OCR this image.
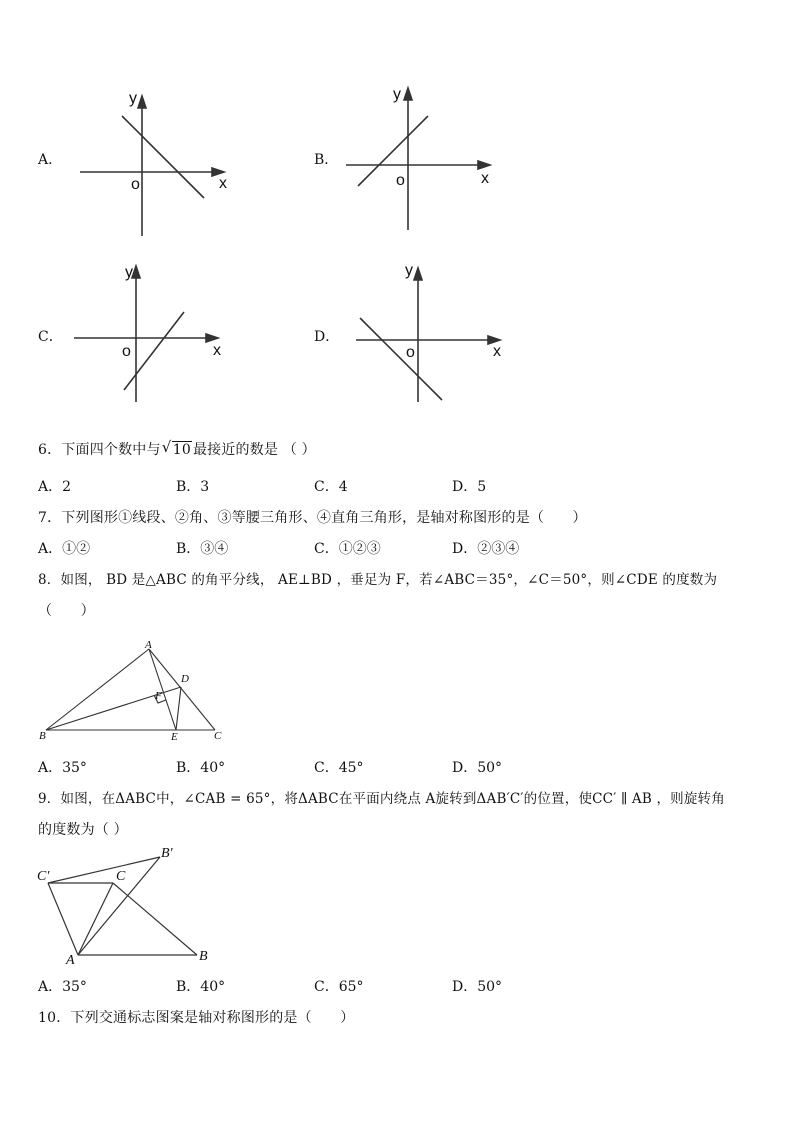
A．
y
o	x
B．
y
o	x
C．
y
o	x
D．
y
o	x
6．下面四个数中与 √ 10 最接近的数是 （ ）
A．2	B．3	C．4	D．5
7．下列图形①线段、②角、③等腰三角形、④直角三角形，是轴对称图形的是（　　）
A．①②	B．③④	C．①②③	D．②③④
8．如图， BD 是△ABC 的角平分线， AE⊥BD ，垂足为 F，若∠ABC＝35°，∠C＝50°，则∠CDE 的度数为
（　　）
A
B	C
D
E
F
A．35°	B．40°	C．45°	D．50°
9．如图，在ΔABC中，∠CAB = 65°，将ΔABC在平面内绕点 A旋转到ΔAB′C′的位置，使CC′ ∥ AB ，则旋转角
的度数为（ ）
A	B
C
B′
C′
A．35°	B．40°	C．65°	D．50°
10．下列交通标志图案是轴对称图形的是（　　）
